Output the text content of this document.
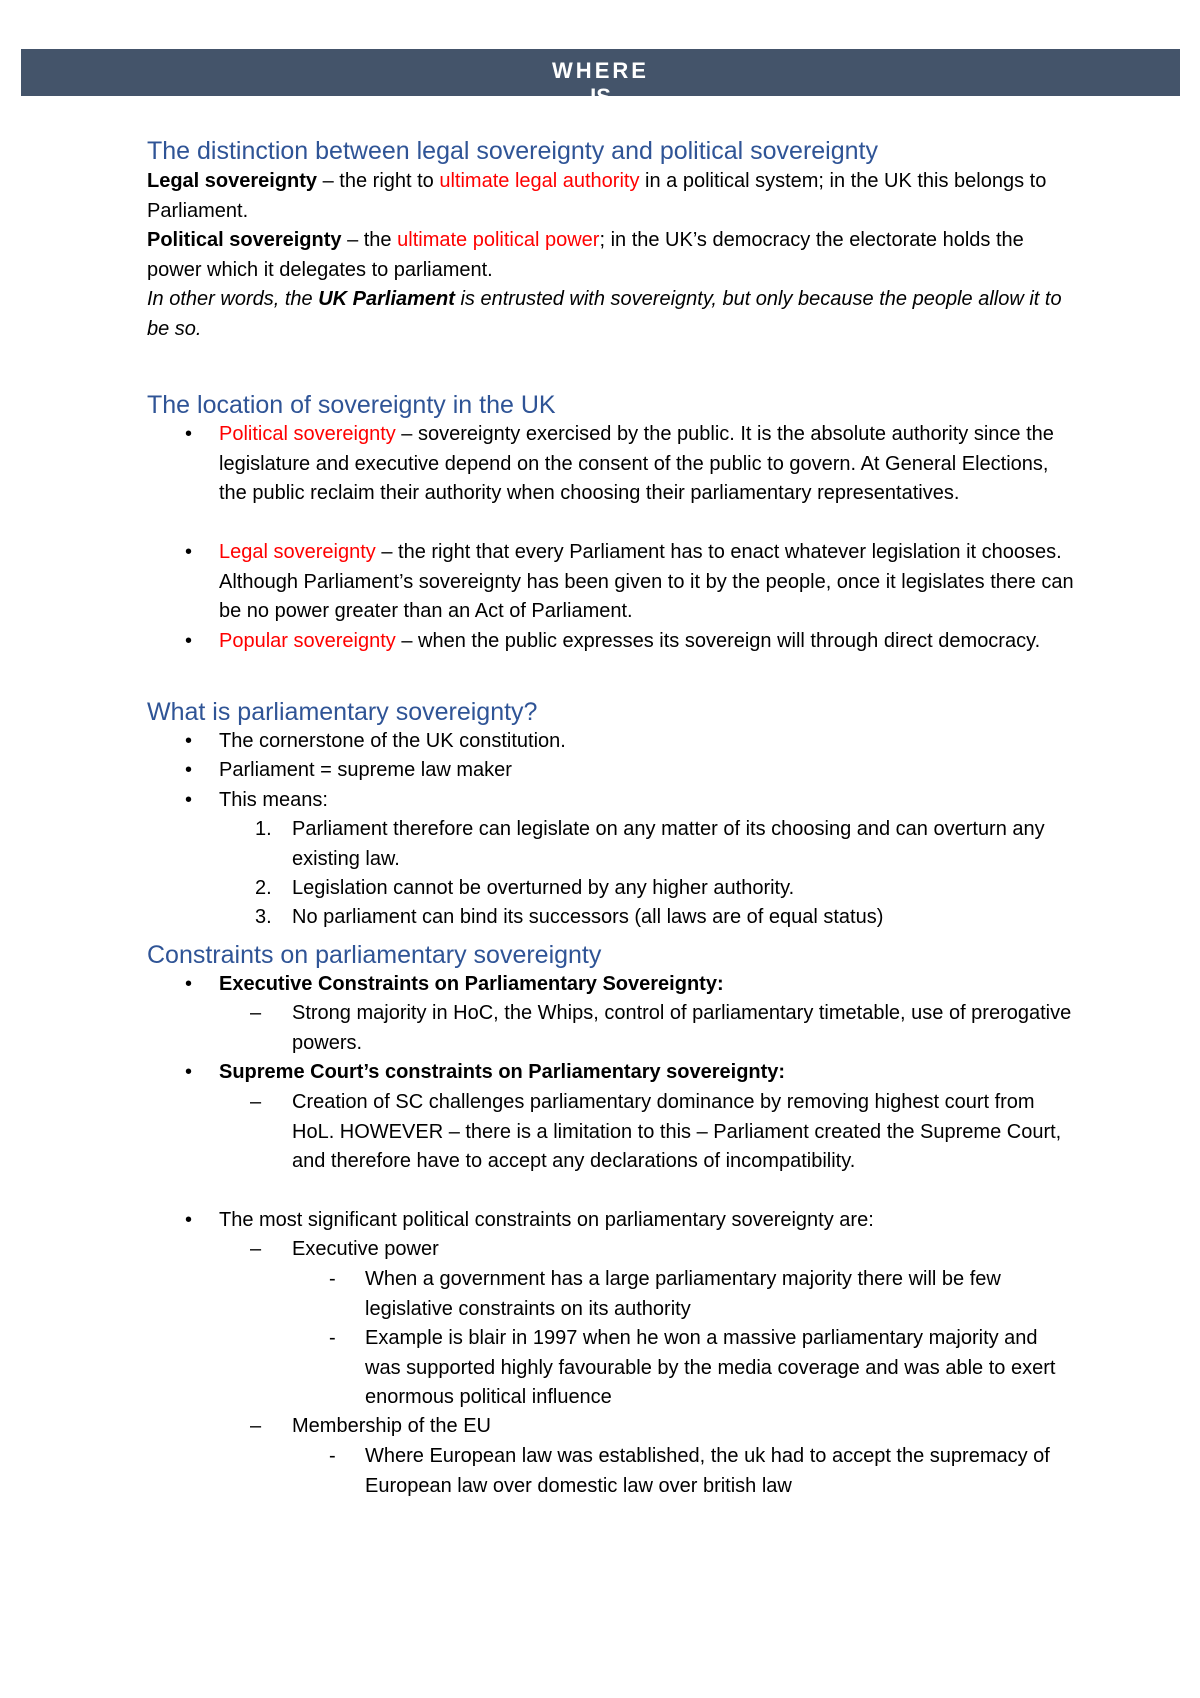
WHERE
IS
The distinction between legal sovereignty and political sovereignty

Legal sovereignty – the right to ultimate legal authority in a political system; in the UK this belongs to Parliament.

Political sovereignty – the ultimate political power; in the UK’s democracy the electorate holds the power which it delegates to parliament.

In other words, the UK Parliament is entrusted with sovereignty, but only because the people allow it to be so.

The location of sovereignty in the UK
• Political sovereignty – sovereignty exercised by the public. It is the absolute authority since the legislature and executive depend on the consent of the public to govern. At General Elections, the public reclaim their authority when choosing their parliamentary representatives.
• Legal sovereignty – the right that every Parliament has to enact whatever legislation it chooses. Although Parliament’s sovereignty has been given to it by the people, once it legislates there can be no power greater than an Act of Parliament.
• Popular sovereignty – when the public expresses its sovereign will through direct democracy.
What is parliamentary sovereignty?
• The cornerstone of the UK constitution.
• Parliament = supreme law maker
• This means:
1. Parliament therefore can legislate on any matter of its choosing and can overturn any existing law.
2. Legislation cannot be overturned by any higher authority.
3. No parliament can bind its successors (all laws are of equal status)
Constraints on parliamentary sovereignty
• Executive Constraints on Parliamentary Sovereignty:
– Strong majority in HoC, the Whips, control of parliamentary timetable, use of prerogative powers.
• Supreme Court’s constraints on Parliamentary sovereignty:
– Creation of SC challenges parliamentary dominance by removing highest court from HoL. HOWEVER – there is a limitation to this – Parliament created the Supreme Court, and therefore have to accept any declarations of incompatibility.
• The most significant political constraints on parliamentary sovereignty are:
– Executive power
- When a government has a large parliamentary majority there will be few legislative constraints on its authority
- Example is blair in 1997 when he won a massive parliamentary majority and was supported highly favourable by the media coverage and was able to exert enormous political influence
– Membership of the EU
- Where European law was established, the uk had to accept the supremacy of European law over domestic law over british law
